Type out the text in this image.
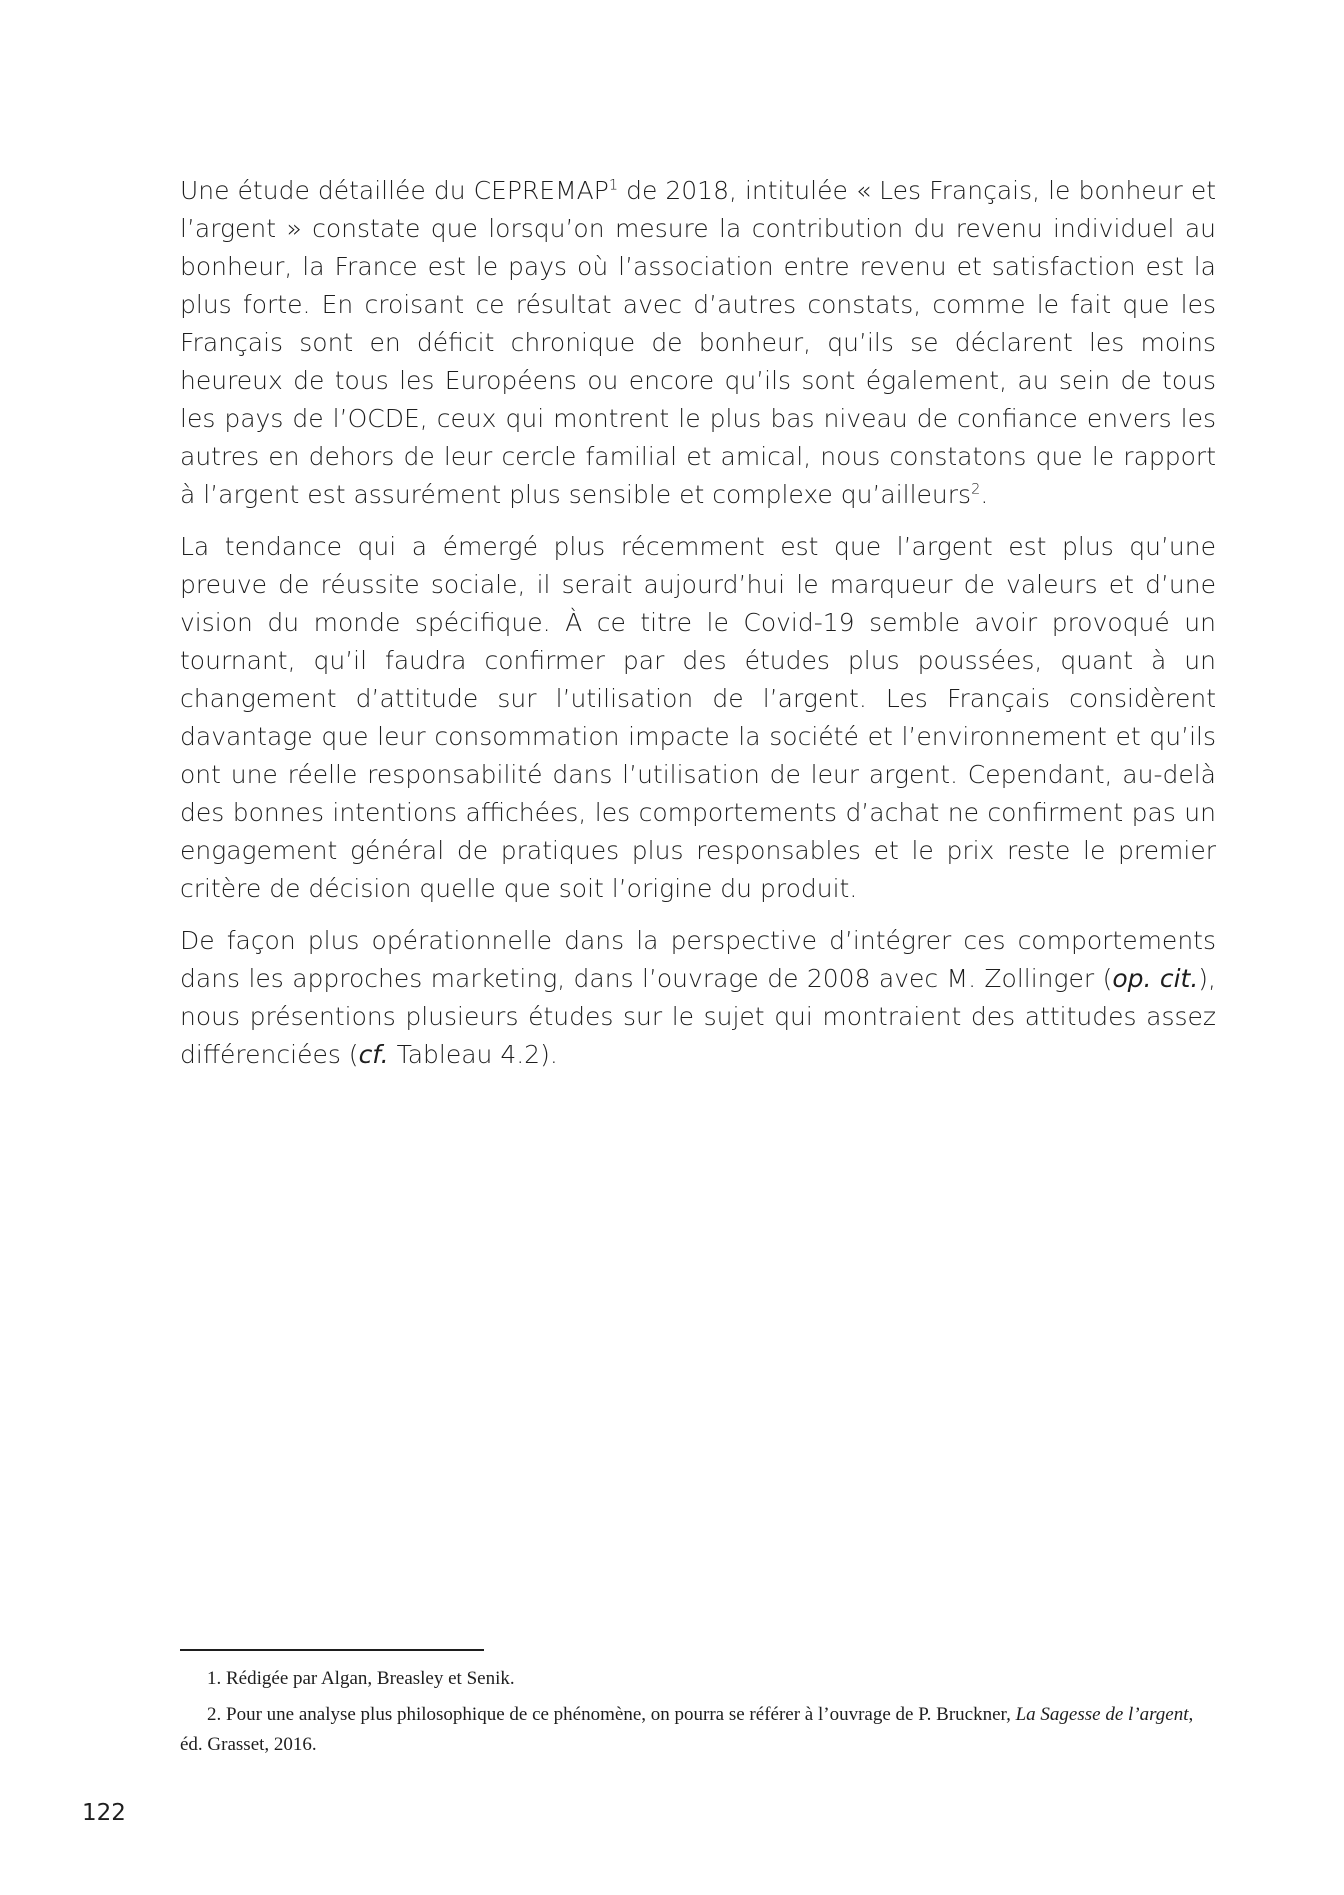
Une étude détaillée du CEPREMAP$^1$ de 2018, intitulée « Les Français, le bonheur et l’argent » constate que lorsqu’on mesure la contribution du revenu individuel au bonheur, la France est le pays où l’association entre revenu et satisfaction est la plus forte. En croisant ce résultat avec d’autres constats, comme le fait que les Français sont en déficit chronique de bonheur, qu’ils se déclarent les moins heureux de tous les Européens ou encore qu’ils sont également, au sein de tous les pays de l’OCDE, ceux qui montrent le plus bas niveau de confiance envers les autres en dehors de leur cercle familial et amical, nous constatons que le rapport à l’argent est assurément plus sensible et complexe qu’ailleurs$^2$.

La tendance qui a émergé plus récemment est que l’argent est plus qu’une preuve de réussite sociale, il serait aujourd’hui le marqueur de valeurs et d’une vision du monde spécifique. À ce titre le Covid-19 semble avoir provoqué un tournant, qu’il faudra confirmer par des études plus poussées, quant à un changement d’attitude sur l’utilisation de l’argent. Les Français considèrent davantage que leur consommation impacte la société et l’environnement et qu’ils ont une réelle responsabilité dans l’utilisation de leur argent. Cependant, au-delà des bonnes intentions affichées, les comportements d’achat ne confirment pas un engagement général de pratiques plus responsables et le prix reste le premier critère de décision quelle que soit l’origine du produit.

De façon plus opérationnelle dans la perspective d’intégrer ces comportements dans les approches marketing, dans l’ouvrage de 2008 avec M. Zollinger (op. cit.), nous présentions plusieurs études sur le sujet qui montraient des attitudes assez différenciées (cf. Tableau 4.2).

1. Rédigée par Algan, Breasley et Senik.

2. Pour une analyse plus philosophique de ce phénomène, on pourra se référer à l’ouvrage de P. Bruckner, La Sagesse de l’argent, éd. Grasset, 2016.

122
